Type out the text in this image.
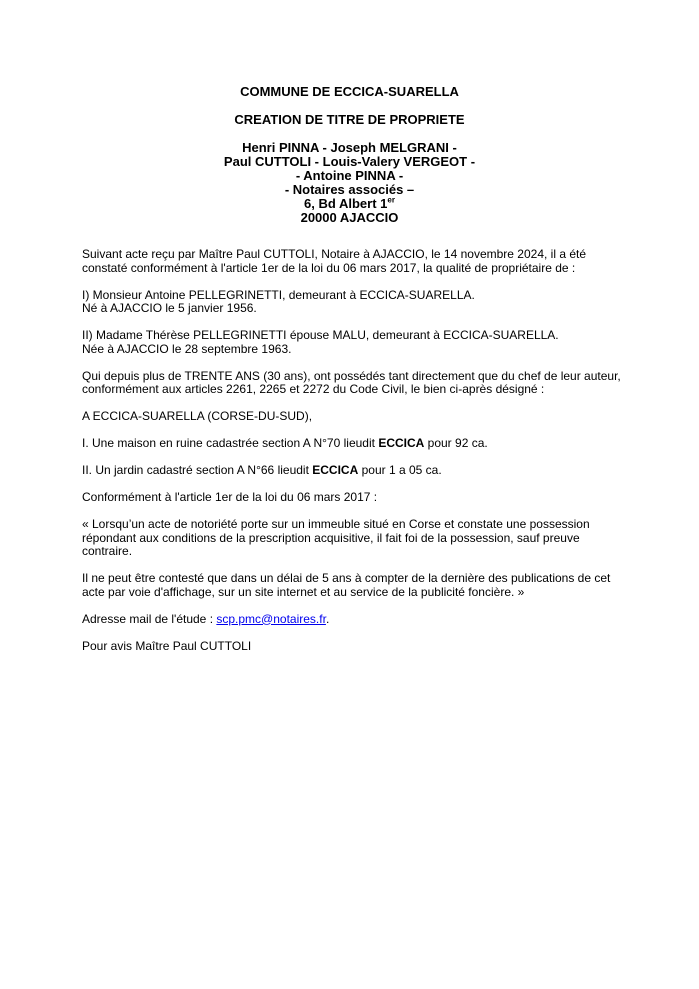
COMMUNE DE ECCICA-SUARELLA
CREATION DE TITRE DE PROPRIETE
Henri PINNA - Joseph MELGRANI -
Paul CUTTOLI - Louis-Valery VERGEOT -
- Antoine PINNA -
- Notaires associés –
6, Bd Albert 1er
20000 AJACCIO
Suivant acte reçu par Maître Paul CUTTOLI, Notaire à AJACCIO, le 14 novembre 2024, il a été
constaté conformément à l'article 1er de la loi du 06 mars 2017, la qualité de propriétaire de :
I) Monsieur Antoine PELLEGRINETTI, demeurant à ECCICA-SUARELLA.
Né à AJACCIO le 5 janvier 1956.
II) Madame Thérèse PELLEGRINETTI épouse MALU, demeurant à ECCICA-SUARELLA.
Née à AJACCIO le 28 septembre 1963.
Qui depuis plus de TRENTE ANS (30 ans), ont possédés tant directement que du chef de leur auteur,
conformément aux articles 2261, 2265 et 2272 du Code Civil, le bien ci-après désigné :
A ECCICA-SUARELLA (CORSE-DU-SUD),
I. Une maison en ruine cadastrée section A N°70 lieudit ECCICA pour 92 ca.
II. Un jardin cadastré section A N°66 lieudit ECCICA pour 1 a 05 ca.
Conformément à l'article 1er de la loi du 06 mars 2017 :
« Lorsqu’un acte de notoriété porte sur un immeuble situé en Corse et constate une possession
répondant aux conditions de la prescription acquisitive, il fait foi de la possession, sauf preuve
contraire.
Il ne peut être contesté que dans un délai de 5 ans à compter de la dernière des publications de cet
acte par voie d'affichage, sur un site internet et au service de la publicité foncière. »
Adresse mail de l'étude : scp.pmc@notaires.fr.
Pour avis Maître Paul CUTTOLI
